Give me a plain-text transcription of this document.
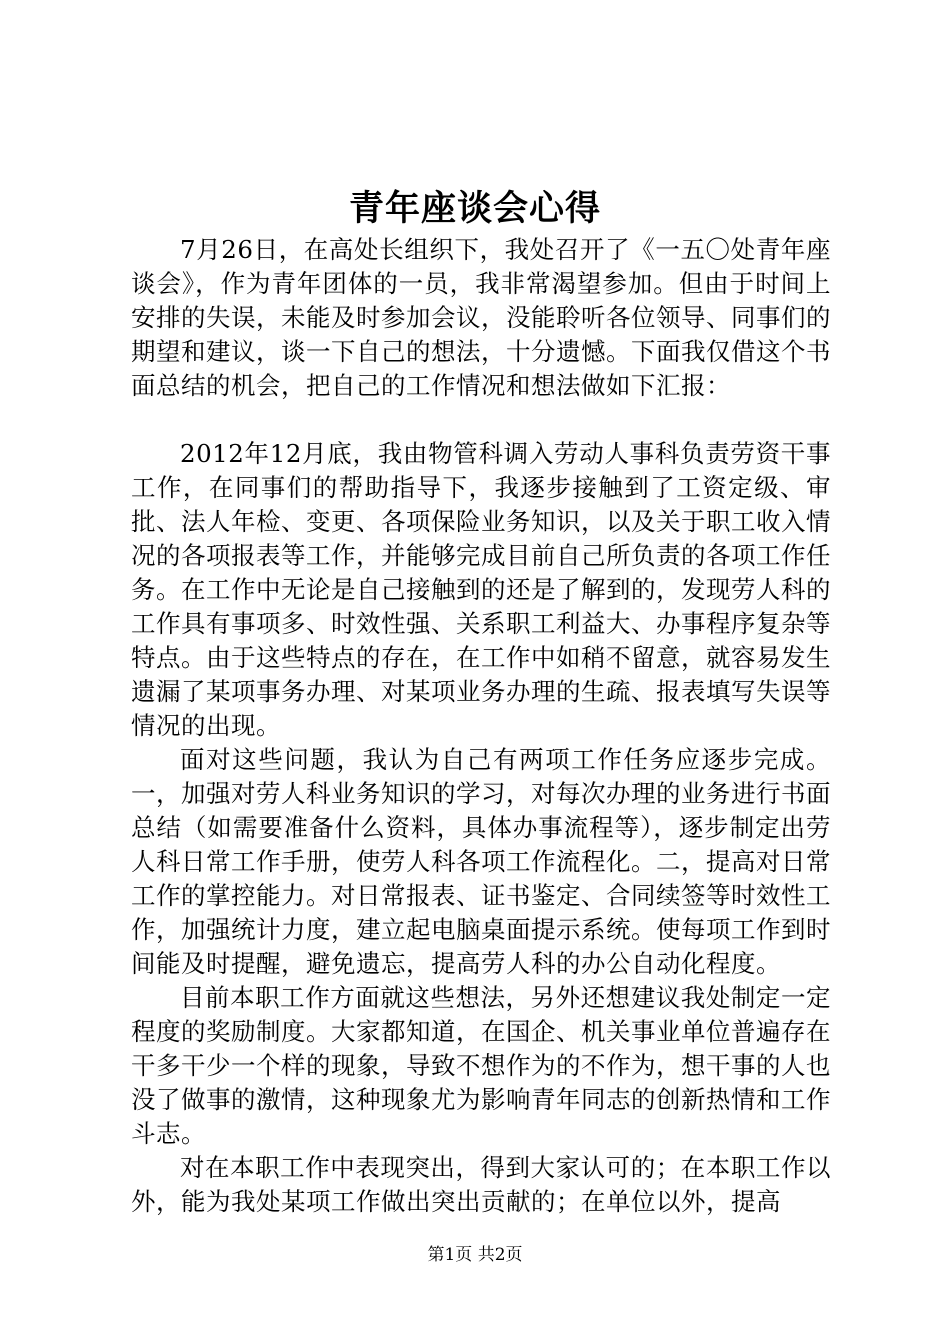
青年座谈会心得

7月26日，在高处长组织下，我处召开了《一五〇处青年座谈会》，作为青年团体的一员，我非常渴望参加。但由于时间上安排的失误，未能及时参加会议，没能聆听各位领导、同事们的期望和建议，谈一下自己的想法，十分遗憾。下面我仅借这个书面总结的机会，把自己的工作情况和想法做如下汇报：

2012年12月底，我由物管科调入劳动人事科负责劳资干事工作，在同事们的帮助指导下，我逐步接触到了工资定级、审批、法人年检、变更、各项保险业务知识，以及关于职工收入情况的各项报表等工作，并能够完成目前自己所负责的各项工作任务。在工作中无论是自己接触到的还是了解到的，发现劳人科的工作具有事项多、时效性强、关系职工利益大、办事程序复杂等特点。由于这些特点的存在，在工作中如稍不留意，就容易发生遗漏了某项事务办理、对某项业务办理的生疏、报表填写失误等情况的出现。

面对这些问题，我认为自己有两项工作任务应逐步完成。一，加强对劳人科业务知识的学习，对每次办理的业务进行书面总结（如需要准备什么资料，具体办事流程等），逐步制定出劳人科日常工作手册，使劳人科各项工作流程化。二，提高对日常工作的掌控能力。对日常报表、证书鉴定、合同续签等时效性工作，加强统计力度，建立起电脑桌面提示系统。使每项工作到时间能及时提醒，避免遗忘，提高劳人科的办公自动化程度。

目前本职工作方面就这些想法，另外还想建议我处制定一定程度的奖励制度。大家都知道，在国企、机关事业单位普遍存在干多干少一个样的现象，导致不想作为的不作为，想干事的人也没了做事的激情，这种现象尤为影响青年同志的创新热情和工作斗志。

对在本职工作中表现突出，得到大家认可的；在本职工作以外，能为我处某项工作做出突出贡献的；在单位以外，提高

第1页 共2页
